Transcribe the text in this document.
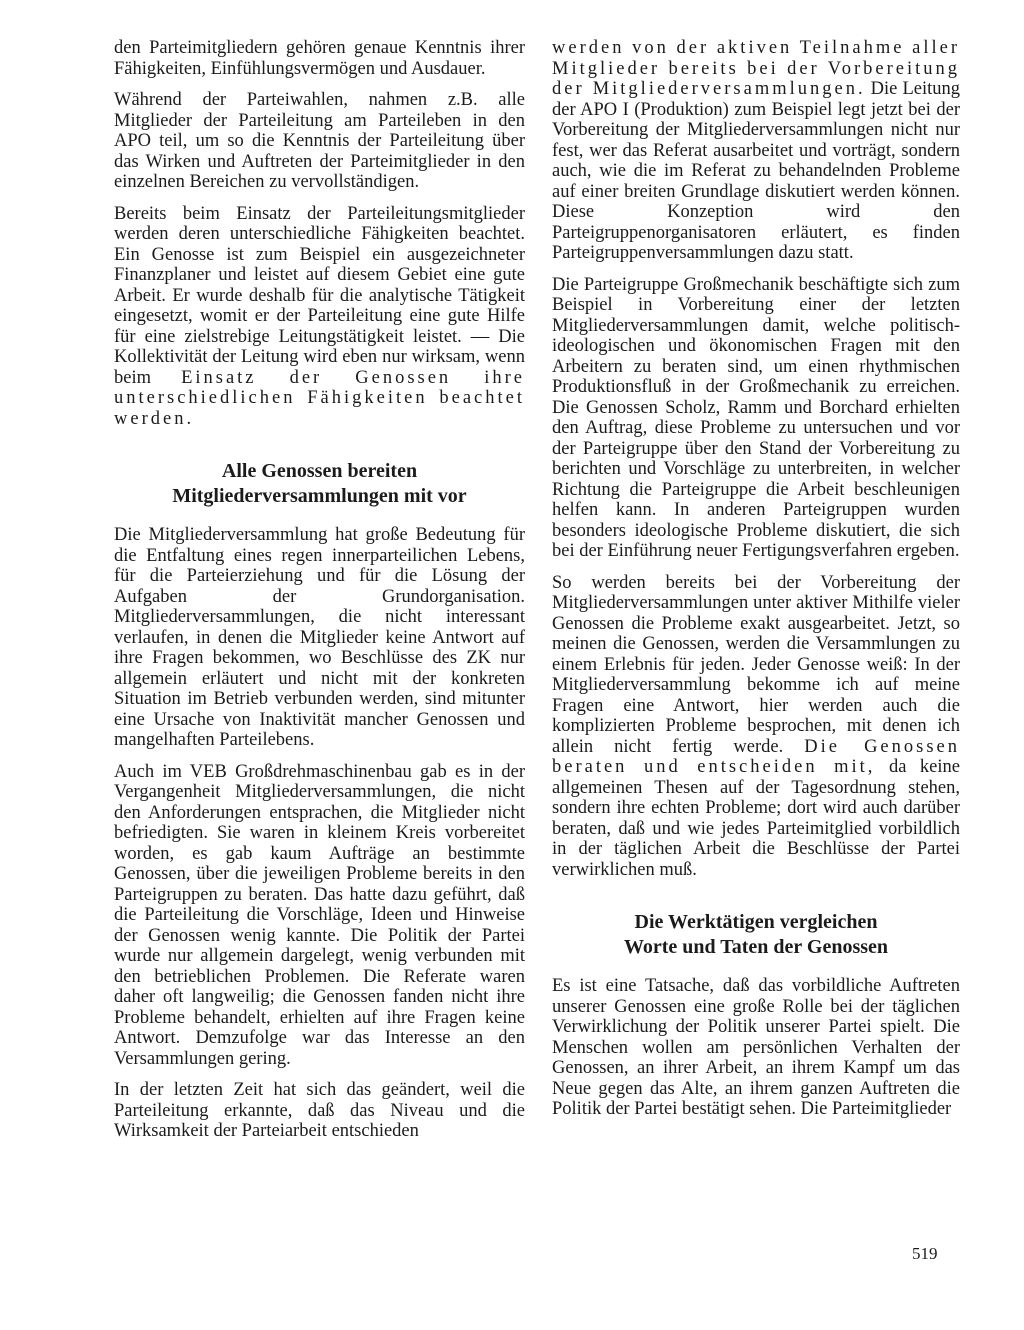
den Parteimitgliedern gehören genaue Kenntnis ihrer Fähigkeiten, Einfühlungsvermögen und Ausdauer.

Während der Parteiwahlen, nahmen z.B. alle Mitglieder der Parteileitung am Parteileben in den APO teil, um so die Kenntnis der Parteileitung über das Wirken und Auftreten der Parteimitglieder in den einzelnen Bereichen zu vervollständigen.

Bereits beim Einsatz der Parteileitungsmitglieder werden deren unterschiedliche Fähigkeiten beachtet. Ein Genosse ist zum Beispiel ein ausgezeichneter Finanzplaner und leistet auf diesem Gebiet eine gute Arbeit. Er wurde deshalb für die analytische Tätigkeit eingesetzt, womit er der Parteileitung eine gute Hilfe für eine zielstrebige Leitungstätigkeit leistet. — Die Kollektivität der Leitung wird eben nur wirksam, wenn beim Einsatz der Genossen ihre unterschiedlichen Fähigkeiten beachtet werden.

Alle Genossen bereiten
Mitgliederversammlungen mit vor

Die Mitgliederversammlung hat große Bedeutung für die Entfaltung eines regen innerparteilichen Lebens, für die Parteierziehung und für die Lösung der Aufgaben der Grundorganisation. Mitgliederversammlungen, die nicht interessant verlaufen, in denen die Mitglieder keine Antwort auf ihre Fragen bekommen, wo Beschlüsse des ZK nur allgemein erläutert und nicht mit der konkreten Situation im Betrieb verbunden werden, sind mitunter eine Ursache von Inaktivität mancher Genossen und mangelhaften Parteilebens.

Auch im VEB Großdrehmaschinenbau gab es in der Vergangenheit Mitgliederversammlungen, die nicht den Anforderungen entsprachen, die Mitglieder nicht befriedigten. Sie waren in kleinem Kreis vorbereitet worden, es gab kaum Aufträge an bestimmte Genossen, über die jeweiligen Probleme bereits in den Parteigruppen zu beraten. Das hatte dazu geführt, daß die Parteileitung die Vorschläge, Ideen und Hinweise der Genossen wenig kannte. Die Politik der Partei wurde nur allgemein dargelegt, wenig verbunden mit den betrieblichen Problemen. Die Referate waren daher oft langweilig; die Genossen fanden nicht ihre Probleme behandelt, erhielten auf ihre Fragen keine Antwort. Demzufolge war das Interesse an den Versammlungen gering.

In der letzten Zeit hat sich das geändert, weil die Parteileitung erkannte, daß das Niveau und die Wirksamkeit der Parteiarbeit entschieden

werden von der aktiven Teilnahme aller Mitglieder bereits bei der Vorbereitung der Mitgliederversammlungen. Die Leitung der APO I (Produktion) zum Beispiel legt jetzt bei der Vorbereitung der Mitgliederversammlungen nicht nur fest, wer das Referat ausarbeitet und vorträgt, sondern auch, wie die im Referat zu behandelnden Probleme auf einer breiten Grundlage diskutiert werden können. Diese Konzeption wird den Parteigruppenorganisatoren erläutert, es finden Parteigruppenversammlungen dazu statt.

Die Parteigruppe Großmechanik beschäftigte sich zum Beispiel in Vorbereitung einer der letzten Mitgliederversammlungen damit, welche politisch-ideologischen und ökonomischen Fragen mit den Arbeitern zu beraten sind, um einen rhythmischen Produktionsfluß in der Großmechanik zu erreichen. Die Genossen Scholz, Ramm und Borchard erhielten den Auftrag, diese Probleme zu untersuchen und vor der Parteigruppe über den Stand der Vorbereitung zu berichten und Vorschläge zu unterbreiten, in welcher Richtung die Parteigruppe die Arbeit beschleunigen helfen kann. In anderen Parteigruppen wurden besonders ideologische Probleme diskutiert, die sich bei der Einführung neuer Fertigungsverfahren ergeben.

So werden bereits bei der Vorbereitung der Mitgliederversammlungen unter aktiver Mithilfe vieler Genossen die Probleme exakt ausgearbeitet. Jetzt, so meinen die Genossen, werden die Versammlungen zu einem Erlebnis für jeden. Jeder Genosse weiß: In der Mitgliederversammlung bekomme ich auf meine Fragen eine Antwort, hier werden auch die komplizierten Probleme besprochen, mit denen ich allein nicht fertig werde. Die Genossen beraten und entscheiden mit, da keine allgemeinen Thesen auf der Tagesordnung stehen, sondern ihre echten Probleme; dort wird auch darüber beraten, daß und wie jedes Parteimitglied vorbildlich in der täglichen Arbeit die Beschlüsse der Partei verwirklichen muß.

Die Werktätigen vergleichen
Worte und Taten der Genossen

Es ist eine Tatsache, daß das vorbildliche Auftreten unserer Genossen eine große Rolle bei der täglichen Verwirklichung der Politik unserer Partei spielt. Die Menschen wollen am persönlichen Verhalten der Genossen, an ihrer Arbeit, an ihrem Kampf um das Neue gegen das Alte, an ihrem ganzen Auftreten die Politik der Partei bestätigt sehen. Die Parteimitglieder

519
